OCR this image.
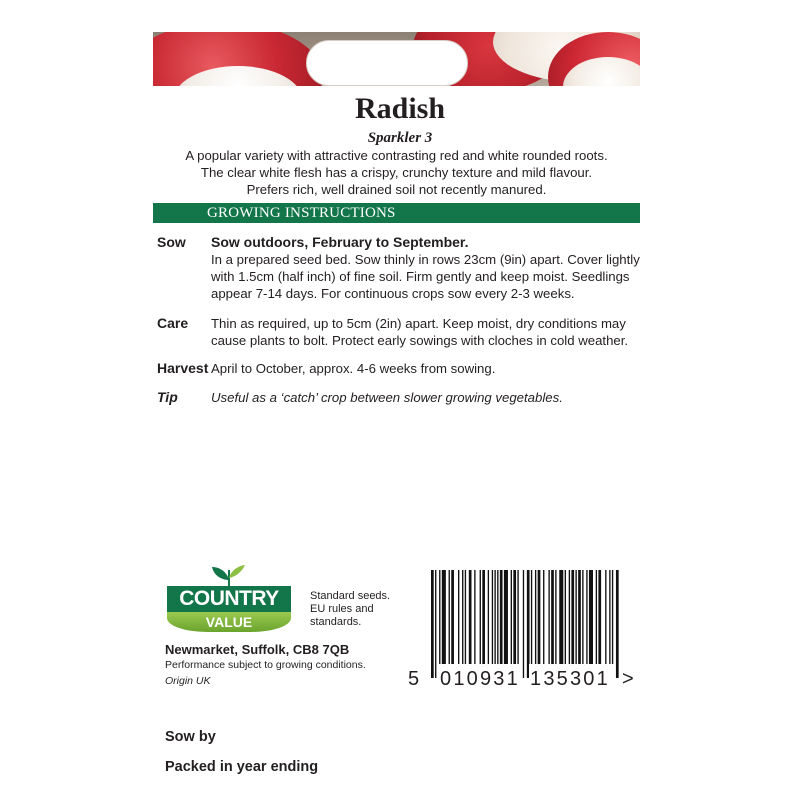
Radish
Sparkler 3
A popular variety with attractive contrasting red and white rounded roots.
The clear white flesh has a crispy, crunchy texture and mild flavour.
Prefers rich, well drained soil not recently manured.
GROWING INSTRUCTIONS
Sow Sow outdoors, February to September.
In a prepared seed bed. Sow thinly in rows 23cm (9in) apart. Cover lightly
with 1.5cm (half inch) of fine soil. Firm gently and keep moist. Seedlings
appear 7-14 days. For continuous crops sow every 2-3 weeks.
Care Thin as required, up to 5cm (2in) apart. Keep moist, dry conditions may
cause plants to bolt. Protect early sowings with cloches in cold weather.
Harvest April to October, approx. 4-6 weeks from sowing.
Tip	Useful as a ‘catch’ crop between slower growing vegetables.
COUNTRY
VALUE
Standard seeds.
EU rules and
standards.
Newmarket, Suffolk, CB8 7QB
Performance subject to growing conditions.
Origin UK	5 010931 135301 >
Sow by
Packed in year ending
